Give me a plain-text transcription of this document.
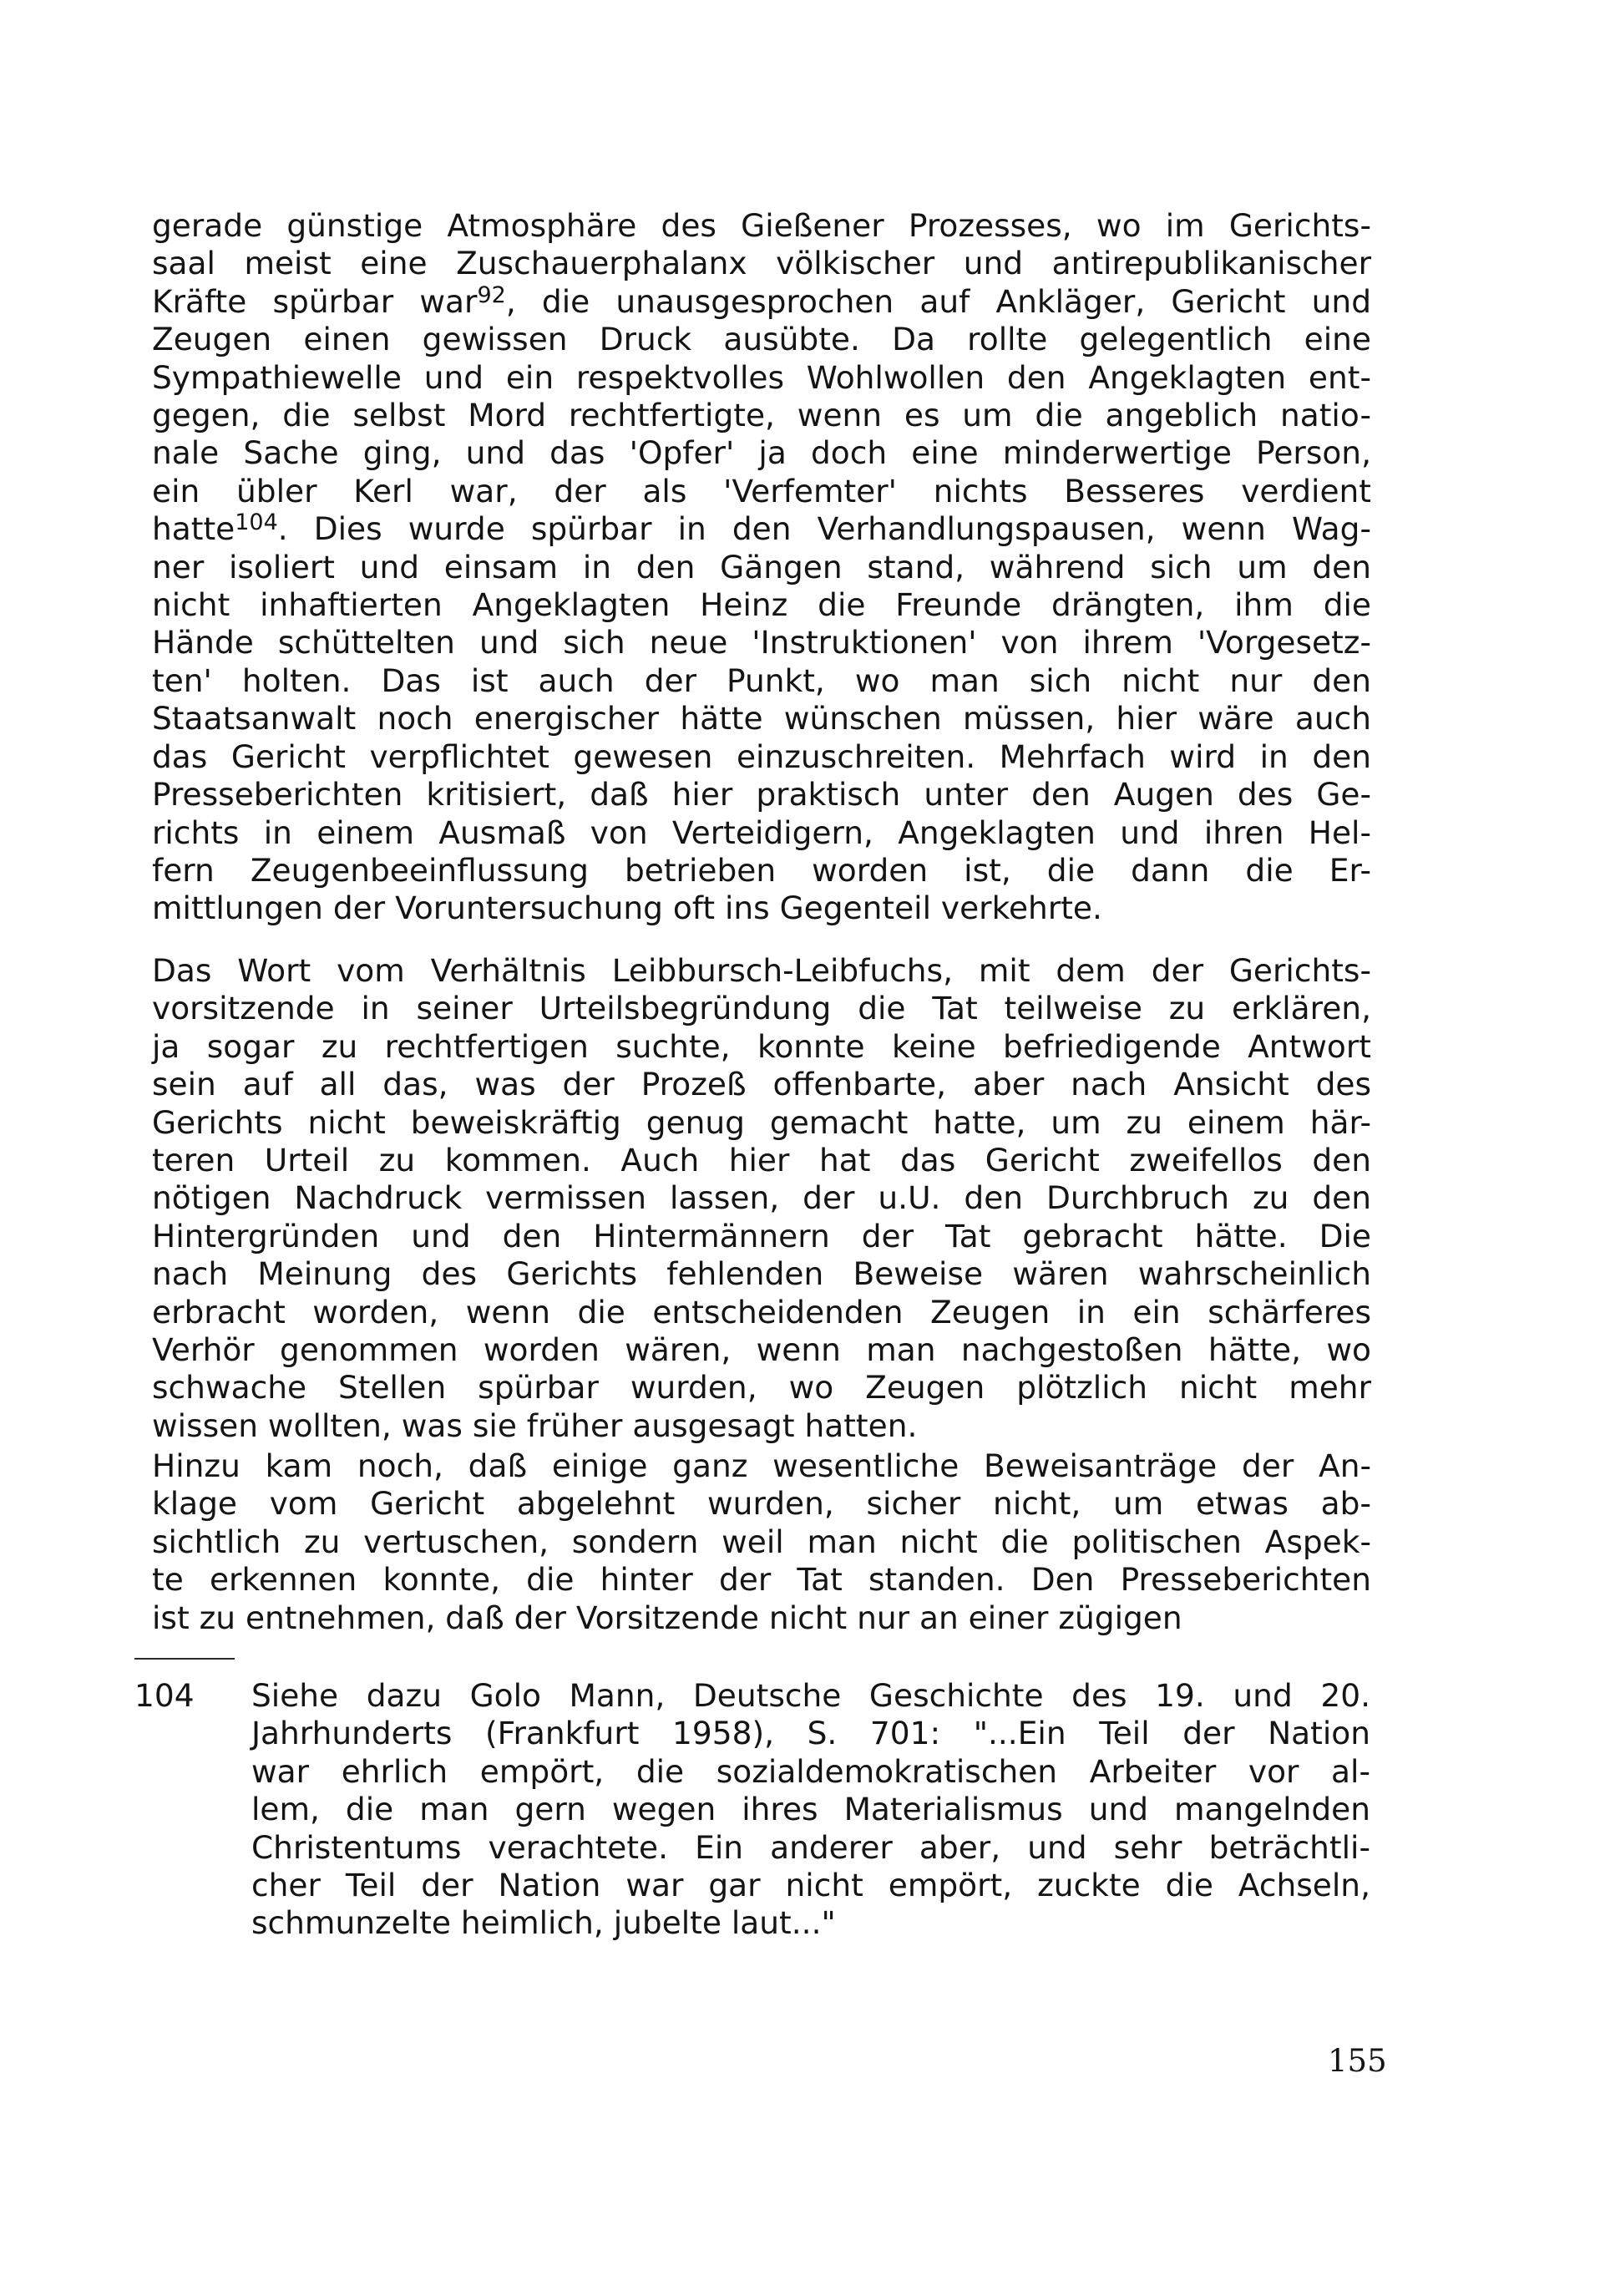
gerade günstige Atmosphäre des Gießener Prozesses, wo im Gerichts-
saal meist eine Zuschauerphalanx völkischer und antirepublikanischer
Kräfte spürbar war$^{92}$, die unausgesprochen auf Ankläger, Gericht und
Zeugen einen gewissen Druck ausübte. Da rollte gelegentlich eine
Sympathiewelle und ein respektvolles Wohlwollen den Angeklagten ent-
gegen, die selbst Mord rechtfertigte, wenn es um die angeblich natio-
nale Sache ging, und das 'Opfer' ja doch eine minderwertige Person,
ein übler Kerl war, der als 'Verfemter' nichts Besseres verdient
hatte$^{104}$. Dies wurde spürbar in den Verhandlungspausen, wenn Wag-
ner isoliert und einsam in den Gängen stand, während sich um den
nicht inhaftierten Angeklagten Heinz die Freunde drängten, ihm die
Hände schüttelten und sich neue 'Instruktionen' von ihrem 'Vorgesetz-
ten' holten. Das ist auch der Punkt, wo man sich nicht nur den
Staatsanwalt noch energischer hätte wünschen müssen, hier wäre auch
das Gericht verpflichtet gewesen einzuschreiten. Mehrfach wird in den
Presseberichten kritisiert, daß hier praktisch unter den Augen des Ge-
richts in einem Ausmaß von Verteidigern, Angeklagten und ihren Hel-
fern Zeugenbeeinflussung betrieben worden ist, die dann die Er-
mittlungen der Voruntersuchung oft ins Gegenteil verkehrte.
Das Wort vom Verhältnis Leibbursch-Leibfuchs, mit dem der Gerichts-
vorsitzende in seiner Urteilsbegründung die Tat teilweise zu erklären,
ja sogar zu rechtfertigen suchte, konnte keine befriedigende Antwort
sein auf all das, was der Prozeß offenbarte, aber nach Ansicht des
Gerichts nicht beweiskräftig genug gemacht hatte, um zu einem här-
teren Urteil zu kommen. Auch hier hat das Gericht zweifellos den
nötigen Nachdruck vermissen lassen, der u.U. den Durchbruch zu den
Hintergründen und den Hintermännern der Tat gebracht hätte. Die
nach Meinung des Gerichts fehlenden Beweise wären wahrscheinlich
erbracht worden, wenn die entscheidenden Zeugen in ein schärferes
Verhör genommen worden wären, wenn man nachgestoßen hätte, wo
schwache Stellen spürbar wurden, wo Zeugen plötzlich nicht mehr
wissen wollten, was sie früher ausgesagt hatten.
Hinzu kam noch, daß einige ganz wesentliche Beweisanträge der An-
klage vom Gericht abgelehnt wurden, sicher nicht, um etwas ab-
sichtlich zu vertuschen, sondern weil man nicht die politischen Aspek-
te erkennen konnte, die hinter der Tat standen. Den Presseberichten
ist zu entnehmen, daß der Vorsitzende nicht nur an einer zügigen
104 Siehe dazu Golo Mann, Deutsche Geschichte des 19. und 20.
Jahrhunderts (Frankfurt 1958), S. 701: "...Ein Teil der Nation
war ehrlich empört, die sozialdemokratischen Arbeiter vor al-
lem, die man gern wegen ihres Materialismus und mangelnden
Christentums verachtete. Ein anderer aber, und sehr beträchtli-
cher Teil der Nation war gar nicht empört, zuckte die Achseln,
schmunzelte heimlich, jubelte laut..."
155
